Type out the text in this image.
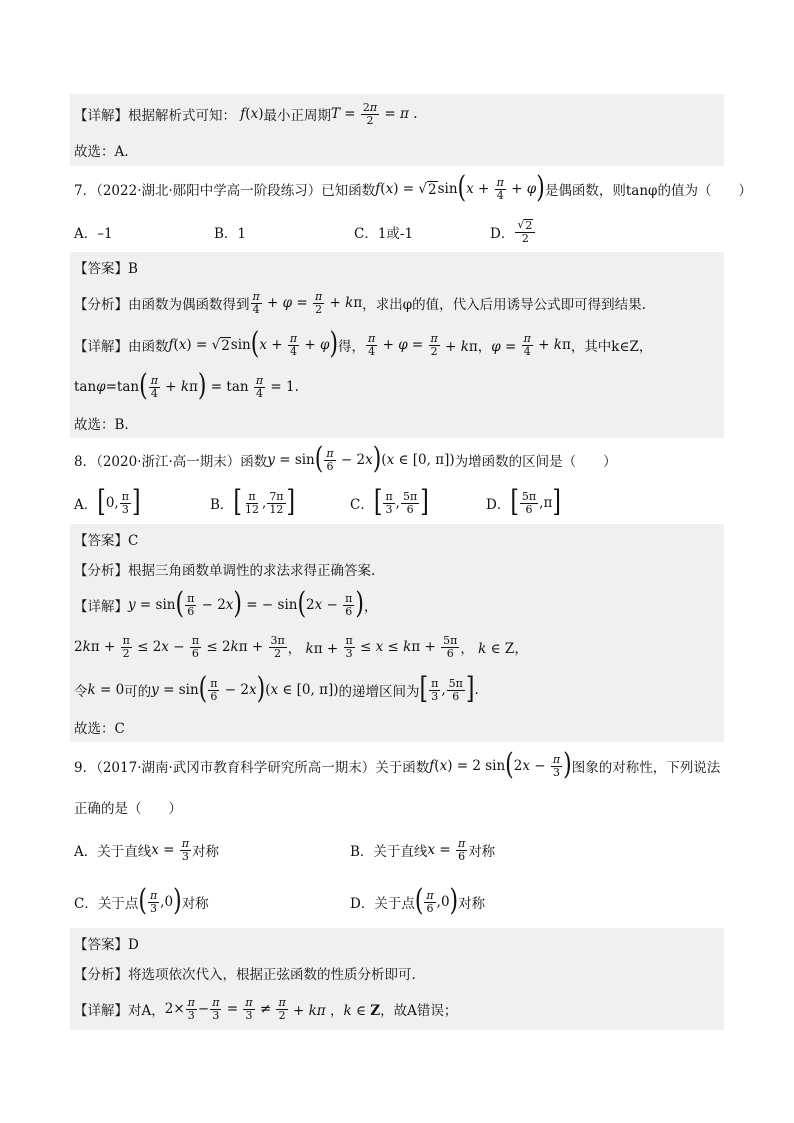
【详解】根据解析式可知： f ( x ) 最小正周期 $T = \frac{2\pi}{2} = \pi$ .
故选：A.
7．（2022·湖北·郧阳中学高一阶段练习）已知函数 f ( x ) = √ 2 sin ( $x + \frac{\pi}{4} + \varphi$ ) 是偶函数，则tanφ的值为（　　）
A．–1	B．1	C．1或-1	D． $\frac{√ 2}{2}$
【答案】B
【分析】由函数为偶函数得到 $\frac{\pi}{4} + \varphi = \frac{\pi}{2} + k\pi$ ，求出φ的值，代入后用诱导公式即可得到结果.
【详解】由函数 f ( x ) = √ 2 sin ( $x + \frac{\pi}{4} + \varphi$ ) 得， $\frac{\pi}{4} + \varphi = \frac{\pi}{2} + k\pi$，$\varphi = \frac{\pi}{4} + k\pi$ ，其中k∈Z，
tanφ=tan ( $\frac{\pi}{4} + k\pi$ ) = $\tan \frac{\pi}{4} = 1$.
故选：B.
8．（2020·浙江·高一期末）函数 y = sin ( $\frac{\pi}{6} - 2x$ ) (x ∈ [0, π]) 为增函数的区间是（　　）
A． [ 0, $\frac{\pi}{3}$ ]	B． [ $\frac{\pi}{12}$ , $\frac{7\pi}{12}$ ]	C． [ $\frac{\pi}{3}$ , $\frac{5\pi}{6}$ ]	D． [ $\frac{5\pi}{6} ,\pi$ ]
【答案】C
【分析】根据三角函数单调性的求法求得正确答案.
【详解】 y = sin ( $\frac{\pi}{6} - 2x$ ) = − sin ( $2x - \frac{\pi}{6}$ ) ，
$2k\pi + \frac{\pi}{2} \le 2x - \frac{\pi}{6} \le 2k\pi + \frac{3\pi}{2}$ ， $k\pi + \frac{\pi}{3} \le x \le k\pi + \frac{5\pi}{6}$ ， k ∈ Z，
令 k = 0 可的 y = sin ( $\frac{\pi}{6} - 2x$ ) (x ∈ [0, π]) 的递增区间为 [ $\frac{\pi}{3}$ , $\frac{5\pi}{6}$ ] .
故选：C
9．（2017·湖南·武冈市教育科学研究所高一期末）关于函数 f (x) = 2 sin ( $2x - \frac{\pi}{3}$ ) 图象的对称性，下列说法
正确的是（　　）
A．关于直线 $x = \frac{\pi}{3}$ 对称	B．关于直线 $x = \frac{\pi}{6}$ 对称
C．关于点 ( $\frac{\pi}{3} ,0$ ) 对称	D．关于点 ( $\frac{\pi}{6} ,0$ ) 对称
【答案】D
【分析】将选项依次代入，根据正弦函数的性质分析即可.
【详解】对A， $2\times \frac{\pi}{3} - \frac{\pi}{3} = \frac{\pi}{3} \ne \frac{\pi}{2} + k\pi$ ，k ∈ Z ，故A错误；
